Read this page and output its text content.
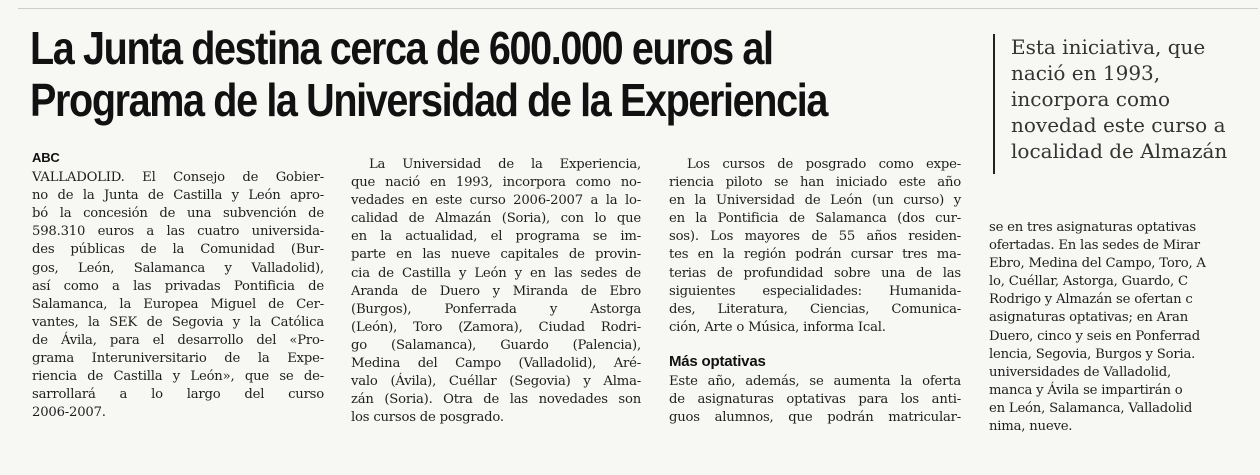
La Junta destina cerca de 600.000 euros al
Programa de la Universidad de la Experiencia
Esta iniciativa, que
nació en 1993,
incorpora como
novedad este curso a
localidad de Almazán
ABC
VALLADOLID. El Consejo de Gobier-
no de la Junta de Castilla y León apro-
bó la concesión de una subvención de
598.310 euros a las cuatro universida-
des públicas de la Comunidad (Bur-
gos, León, Salamanca y Valladolid),
así como a las privadas Pontificia de
Salamanca, la Europea Miguel de Cer-
vantes, la SEK de Segovia y la Católica
de Ávila, para el desarrollo del «Pro-
grama Interuniversitario de la Expe-
riencia de Castilla y León», que se de-
sarrollará a lo largo del curso
2006-2007.
La Universidad de la Experiencia,
que nació en 1993, incorpora como no-
vedades en este curso 2006-2007 a la lo-
calidad de Almazán (Soria), con lo que
en la actualidad, el programa se im-
parte en las nueve capitales de provin-
cia de Castilla y León y en las sedes de
Aranda de Duero y Miranda de Ebro
(Burgos), Ponferrada y Astorga
(León), Toro (Zamora), Ciudad Rodri-
go (Salamanca), Guardo (Palencia),
Medina del Campo (Valladolid), Aré-
valo (Ávila), Cuéllar (Segovia) y Alma-
zán (Soria). Otra de las novedades son
los cursos de posgrado.
Los cursos de posgrado como expe-
riencia piloto se han iniciado este año
en la Universidad de León (un curso) y
en la Pontificia de Salamanca (dos cur-
sos). Los mayores de 55 años residen-
tes en la región podrán cursar tres ma-
terias de profundidad sobre una de las
siguientes especialidades: Humanida-
des, Literatura, Ciencias, Comunica-
ción, Arte o Música, informa Ical.
Más optativas
Este año, además, se aumenta la oferta
de asignaturas optativas para los anti-
guos alumnos, que podrán matricular-
se en tres asignaturas optativas
ofertadas. En las sedes de Mirar
Ebro, Medina del Campo, Toro, A
lo, Cuéllar, Astorga, Guardo, C
Rodrigo y Almazán se ofertan c
asignaturas optativas; en Aran
Duero, cinco y seis en Ponferrad
lencia, Segovia, Burgos y Soria.
universidades de Valladolid,
manca y Ávila se impartirán o
en León, Salamanca, Valladolid
nima, nueve.
